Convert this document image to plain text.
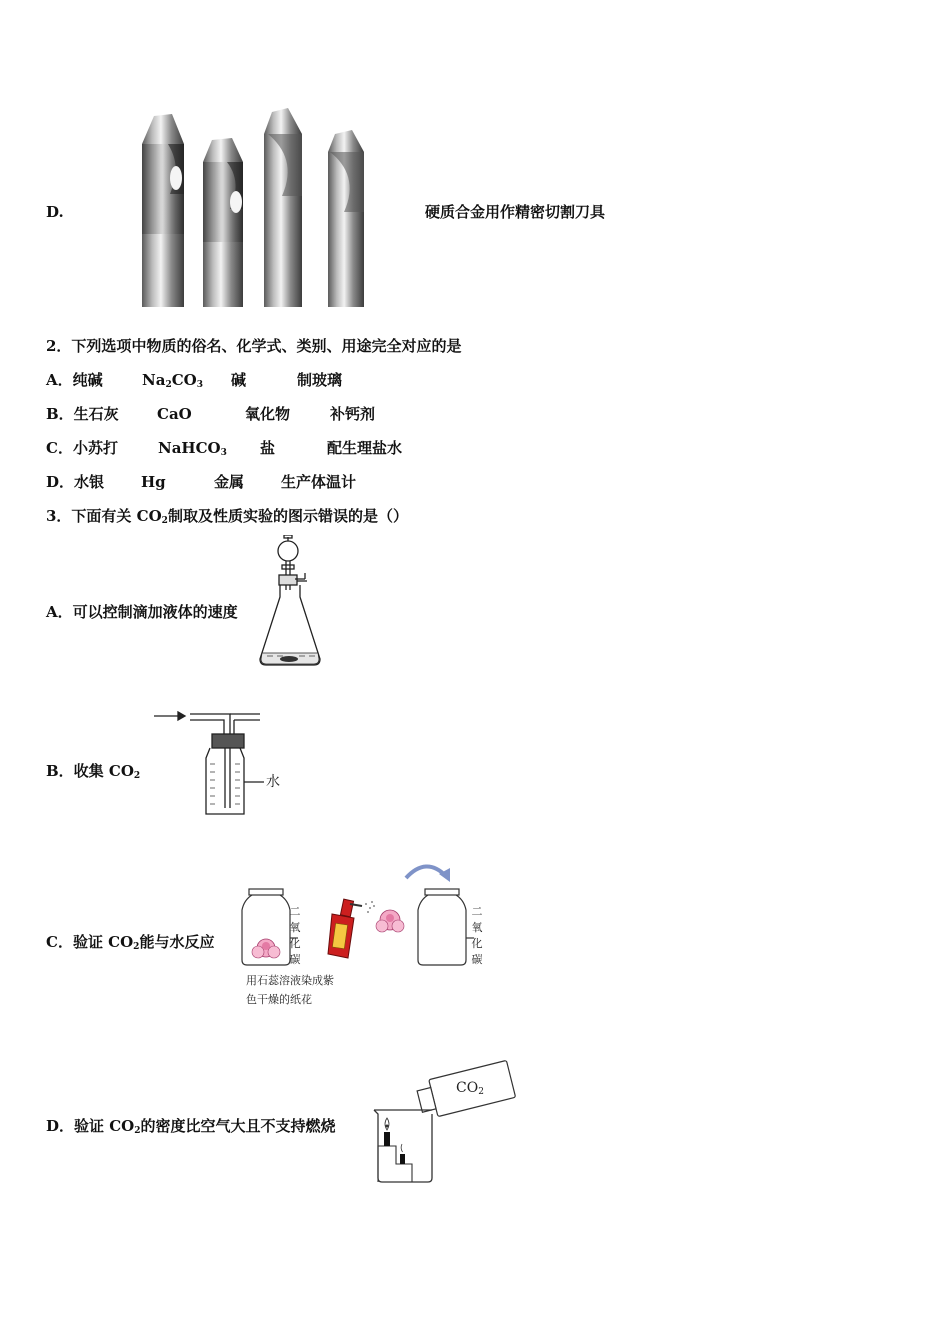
D.	硬质合金用作精密切割刀具
2．下列选项中物质的俗名、化学式、类别、用途完全对应的是
A．纯碱	$Na_2CO_3$ 碱	制玻璃
B．生石灰	CaO	氧化物	补钙剂
C．小苏打	NaHCO$_3$ 盐	配生理盐水
D．水银 Hg	金属 生产体温计
3．下面有关 $CO_2$制取及性质实验的图示错误的是（）
A．可以控制滴加液体的速度
B．收集 $CO_2$	水
C．验证 $CO_2$能与水反应
二
氧
化
碳
二
氧
化
碳
用石蕊溶液染成紫
色干燥的纸花
D．验证 $CO_2$的密度比空气大且不支持燃烧
$CO_2$
